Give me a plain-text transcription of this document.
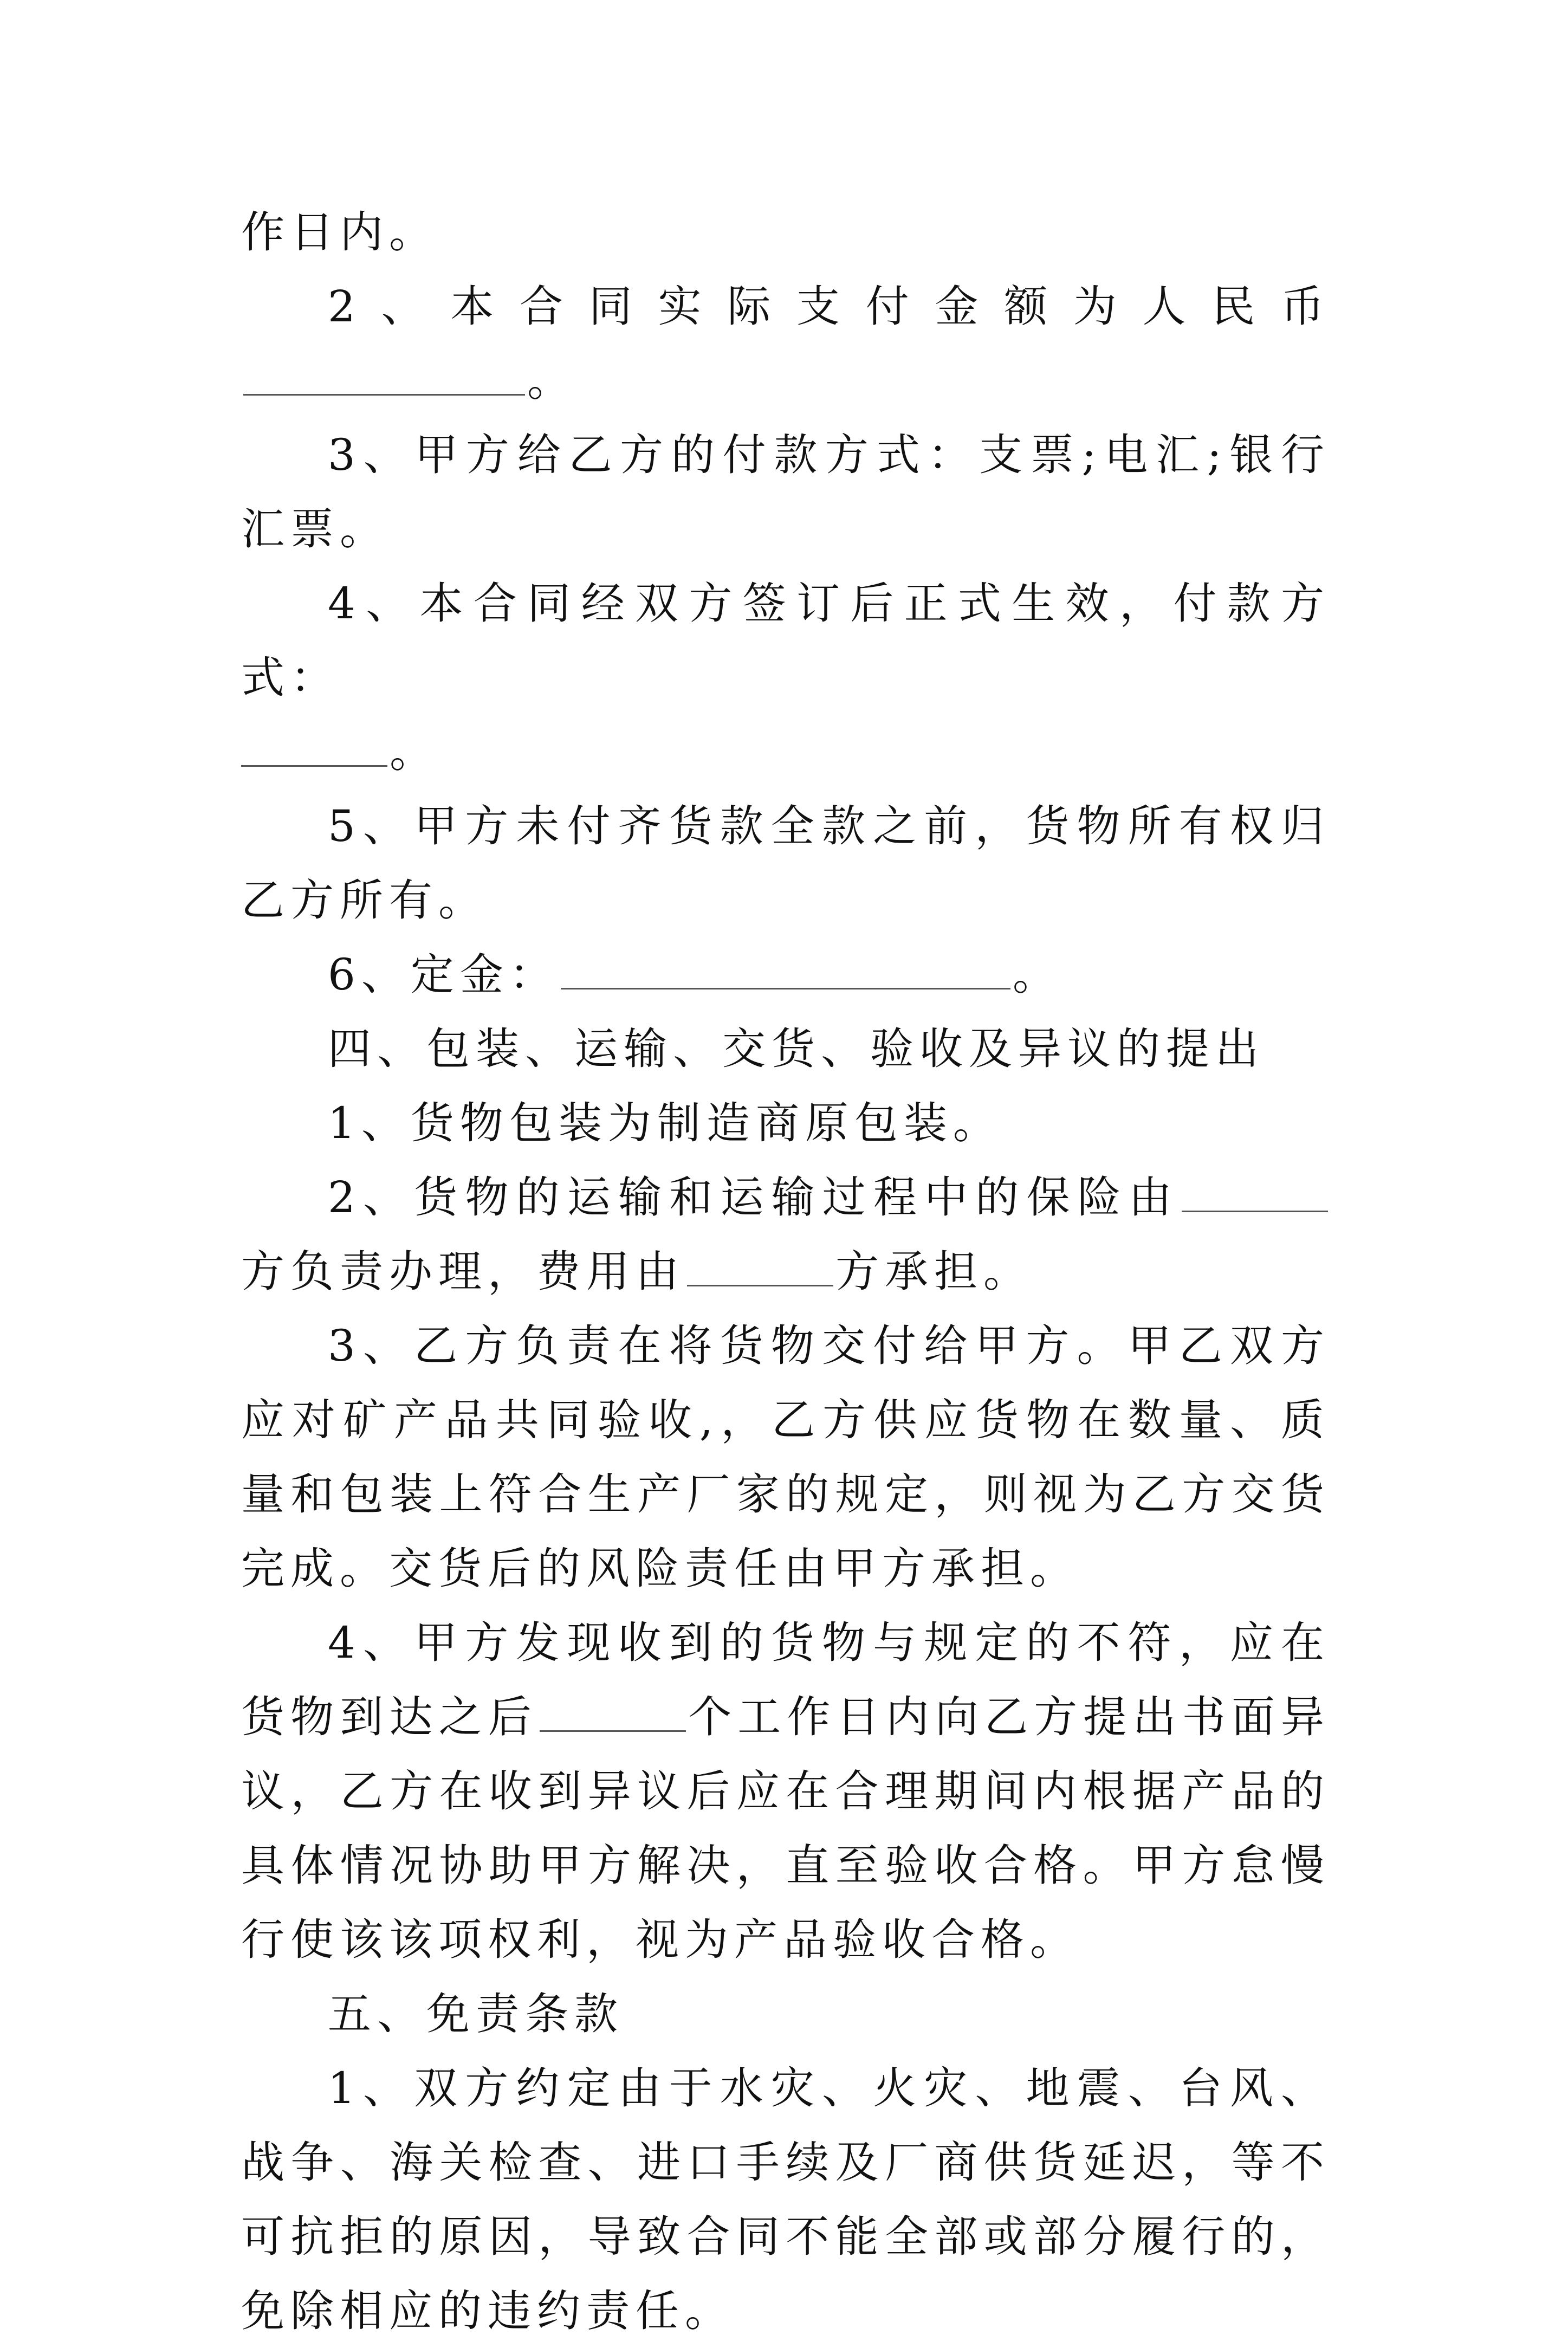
作日内。

2、本合同实际支付金额为人民币。

3、甲方给乙方的付款方式：支票;电汇;银行汇票。

4、本合同经双方签订后正式生效，付款方式：
。

5、甲方未付齐货款全款之前，货物所有权归乙方所有。

6、定金：	。

四、包装、运输、交货、验收及异议的提出

1、货物包装为制造商原包装。

2、货物的运输和运输过程中的保险由方负责办理，费用由	方承担。

3、乙方负责在将货物交付给甲方。甲乙双方应对矿产品共同验收,，乙方供应货物在数量、质量和包装上符合生产厂家的规定，则视为乙方交货完成。交货后的风险责任由甲方承担。

4、甲方发现收到的货物与规定的不符，应在货物到达之后	个工作日内向乙方提出书面异议，乙方在收到异议后应在合理期间内根据产品的具体情况协助甲方解决，直至验收合格。甲方怠慢行使该该项权利，视为产品验收合格。

五、免责条款

1、双方约定由于水灾、火灾、地震、台风、战争、海关检查、进口手续及厂商供货延迟，等不可抗拒的原因，导致合同不能全部或部分履行的，免除相应的违约责任。
